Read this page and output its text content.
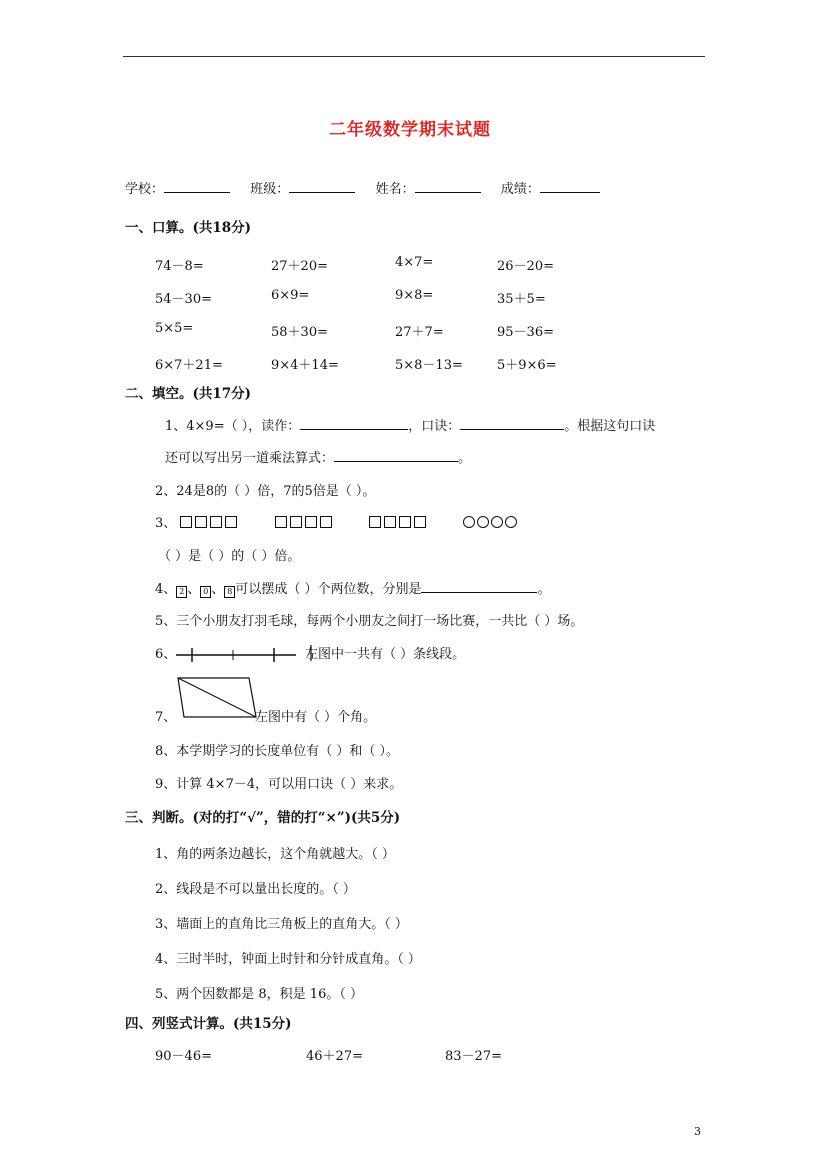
二年级数学期末试题
学校：	班级：	姓名：	成绩：
一、口算。(共18分)
74－8=	27＋20=	4×7=	26－20=
54－30=	6×9=	9×8=	35＋5=
5×5=	58＋30=	27＋7=	95－36=
6×7＋21=	9×4＋14=	5×8－13=	5＋9×6=
二、填空。(共17分)
1、4×9=（ ），读作：	，口诀：	。根据这句口诀
还可以写出另一道乘法算式：	。
2、24是8的（ ）倍，7的5倍是（ ）。
3、
（ ）是（ ）的（ ）倍。
4、 2 、 0 、 8 可以摆成（ ）个两位数，分别是	。
5、三个小朋友打羽毛球，每两个小朋友之间打一场比赛，一共比（ ）场。
6、	左图中一共有（ ）条线段。
7、	左图中有（ ）个角。
8、本学期学习的长度单位有（ ）和（ ）。
9、计算 4×7－4，可以用口诀（ ）来求。
三、判断。(对的打“√”，错的打“×”)(共5分)
1、角的两条边越长，这个角就越大。（ ）
2、线段是不可以量出长度的。（ ）
3、墙面上的直角比三角板上的直角大。（ ）
4、三时半时，钟面上时针和分针成直角。（ ）
5、两个因数都是 8，积是 16。（ ）
四、列竖式计算。(共15分)
90－46=	46＋27=	83－27=
3
